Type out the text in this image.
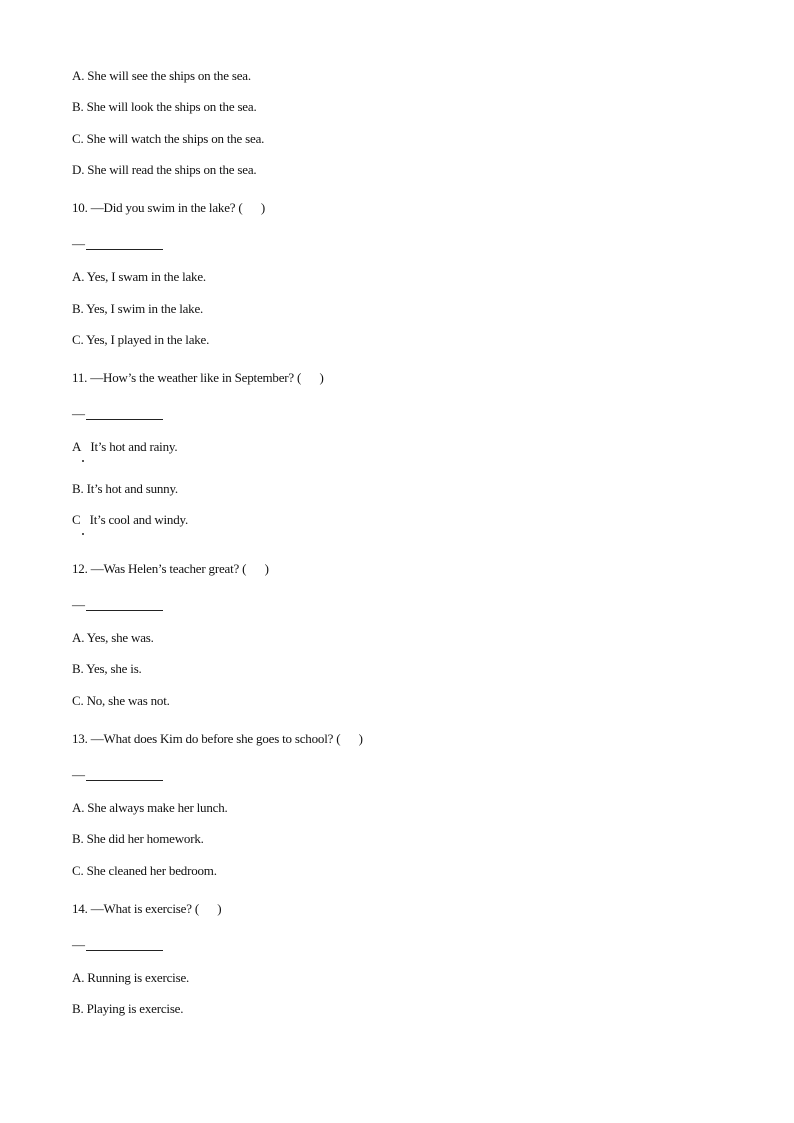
A. She will see the ships on the sea.
B. She will look the ships on the sea.
C. She will watch the ships on the sea.
D. She will read the ships on the sea.
10. —Did you swim in the lake? (      )
—
A. Yes, I swam in the lake.
B. Yes, I swim in the lake.
C. Yes, I played in the lake.
11. —How’s the weather like in September? (      )
—
A   It’s hot and rainy.
B. It’s hot and sunny.
C   It’s cool and windy.
12. —Was Helen’s teacher great? (      )
—
A. Yes, she was.
B. Yes, she is.
C. No, she was not.
13. —What does Kim do before she goes to school? (      )
—
A. She always make her lunch.
B. She did her homework.
C. She cleaned her bedroom.
14. —What is exercise? (      )
—
A. Running is exercise.
B. Playing is exercise.
